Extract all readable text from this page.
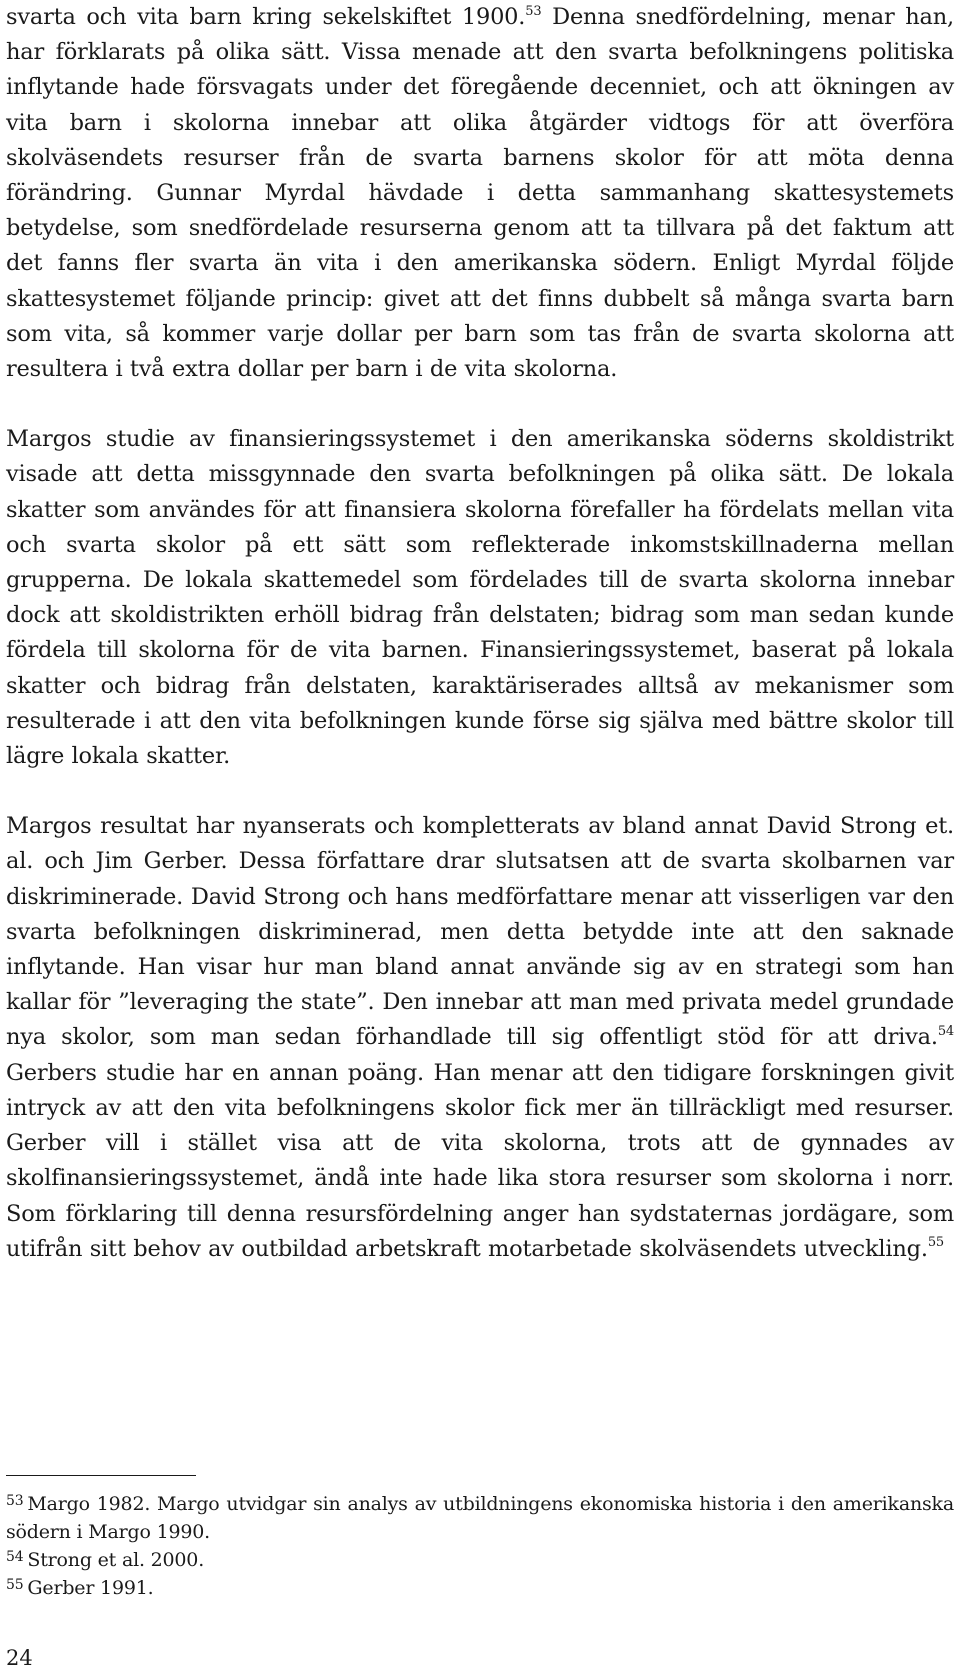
svarta och vita barn kring sekelskiftet 1900.53 Denna snedfördelning, menar han, har förklarats på olika sätt. Vissa menade att den svarta befolkningens politiska inflytande hade försvagats under det föregående decenniet, och att ökningen av vita barn i skolorna innebar att olika åtgärder vidtogs för att överföra skolväsendets resurser från de svarta barnens skolor för att möta denna förändring. Gunnar Myrdal hävdade i detta sammanhang skattesystemets betydelse, som snedfördelade resurserna genom att ta tillvara på det faktum att det fanns fler svarta än vita i den amerikanska södern. Enligt Myrdal följde skattesystemet följande princip: givet att det finns dubbelt så många svarta barn som vita, så kommer varje dollar per barn som tas från de svarta skolorna att resultera i två extra dollar per barn i de vita skolorna.

Margos studie av finansieringssystemet i den amerikanska söderns skoldistrikt visade att detta missgynnade den svarta befolkningen på olika sätt. De lokala skatter som användes för att finansiera skolorna förefaller ha fördelats mellan vita och svarta skolor på ett sätt som reflekterade inkomstskillnaderna mellan grupperna. De lokala skattemedel som fördelades till de svarta skolorna innebar dock att skoldistrikten erhöll bidrag från delstaten; bidrag som man sedan kunde fördela till skolorna för de vita barnen. Finansieringssystemet, baserat på lokala skatter och bidrag från delstaten, karaktäriserades alltså av mekanismer som resulterade i att den vita befolkningen kunde förse sig själva med bättre skolor till lägre lokala skatter.

Margos resultat har nyanserats och kompletterats av bland annat David Strong et. al. och Jim Gerber. Dessa författare drar slutsatsen att de svarta skolbarnen var diskriminerade. David Strong och hans medförfattare menar att visserligen var den svarta befolkningen diskriminerad, men detta betydde inte att den saknade inflytande. Han visar hur man bland annat använde sig av en strategi som han kallar för ”leveraging the state”. Den innebar att man med privata medel grundade nya skolor, som man sedan förhandlade till sig offentligt stöd för att driva.$^{54}$ Gerbers studie har en annan poäng. Han menar att den tidigare forskningen givit intryck av att den vita befolkningens skolor fick mer än tillräckligt med resurser. Gerber vill i stället visa att de vita skolorna, trots att de gynnades av skolfinansieringssystemet, ändå inte hade lika stora resurser som skolorna i norr. Som förklaring till denna resursfördelning anger han sydstaternas jordägare, som utifrån sitt behov av outbildad arbetskraft motarbetade skolväsendets utveckling.$^{55}$

$^{53}$ Margo 1982. Margo utvidgar sin analys av utbildningens ekonomiska historia i den amerikanska södern i Margo 1990.

$^{54}$ Strong et al. 2000.

$^{55}$ Gerber 1991.

24
